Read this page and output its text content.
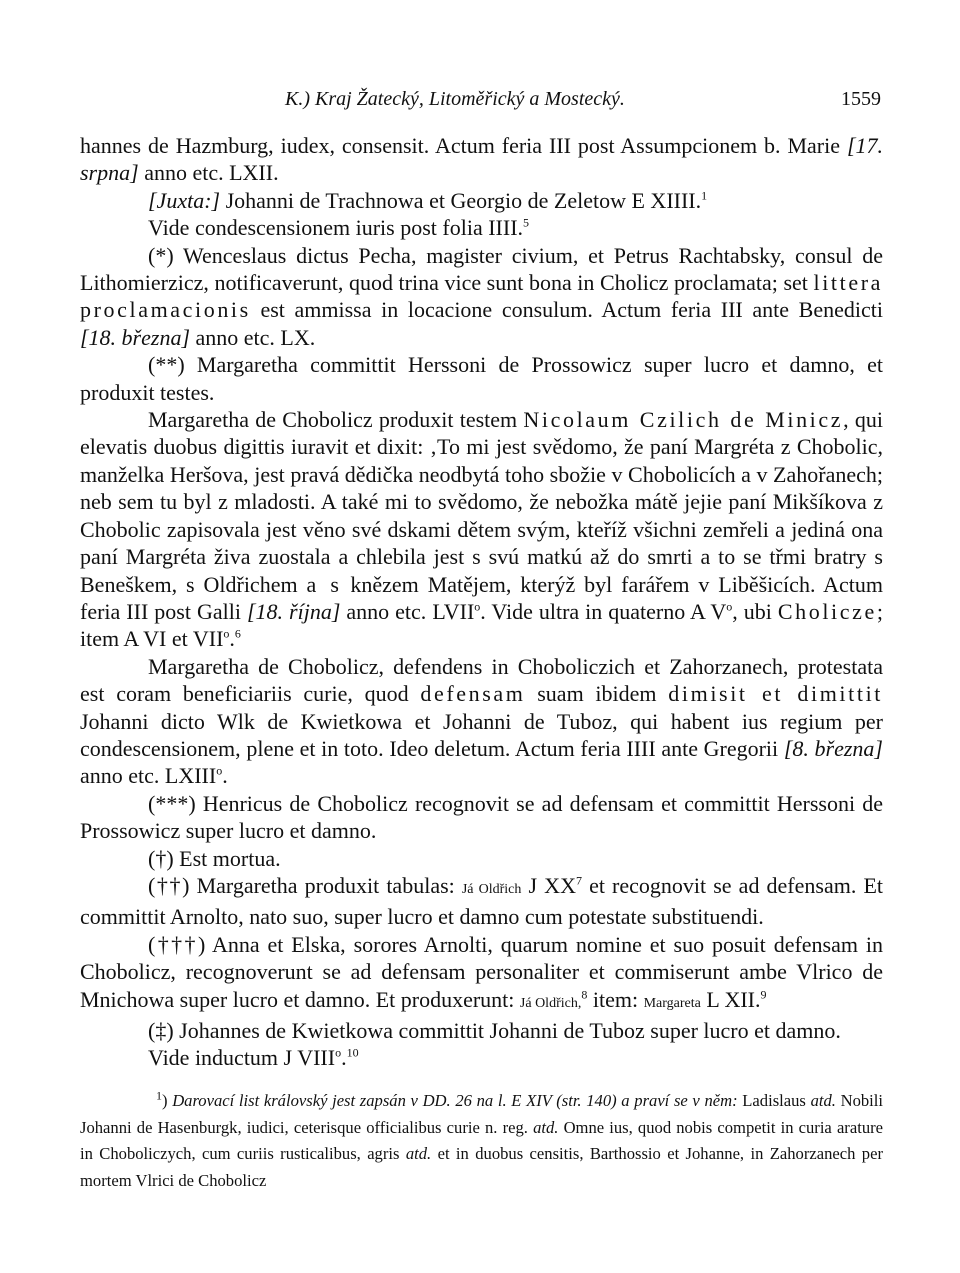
K.) Kraj Žatecký, Litoměřický a Mostecký.	1559

hannes de Hazmburg, iudex, consensit. Actum feria III post Assumpcionem b. Marie [17. srpna] anno etc. LXII.

[Juxta:] Johanni de Trachnowa et Georgio de Zeletow E XIIII.$^1$

Vide condescensionem iuris post folia IIII.$^5$

(*) Wenceslaus dictus Pecha, magister civium, et Petrus Rachtabsky, consul de Lithomierzicz, notificaverunt, quod trina vice sunt bona in Cholicz proclamata; set littera proclamacionis est ammissa in locacione consulum. Actum feria III ante Benedicti [18. března] anno etc. LX.

(**) Margaretha committit Herssoni de Prossowicz super lucro et damno, et produxit testes.

Margaretha de Chobolicz produxit testem Nicolaum Czilich de Minicz, qui elevatis duobus digittis iuravit et dixit: ‚To mi jest svědomo, že paní Margréta z Chobolic, manželka Heršova, jest pravá dědička neodbytá toho sbožie v Chobolicích a v Zahořanech; neb sem tu byl z mladosti. A také mi to svědomo, že nebožka mátě jejie paní Mikšíkova z Chobolic zapisovala jest věno své dskami dětem svým, kteříž všichni zemřeli a jediná ona paní Margréta živa zuostala a chlebila jest s svú matkú až do smrti a to se třmi bratry s Beneškem, s Oldřichem a s knězem Matějem, kterýž byl farářem v Liběšicích. Actum feria III post Galli [18. října] anno etc. LVII$^o$. Vide ultra in quaterno A $V^o$, ubi Cholicze; item A VI et VII$^o$.$^6$

Margaretha de Chobolicz, defendens in Choboliczich et Zahorzanech, protestata est coram beneficiariis curie, quod defensam suam ibidem dimisit et dimittit Johanni dicto Wlk de Kwietkowa et Johanni de Tuboz, qui habent ius regium per condescensionem, plene et in toto. Ideo deletum. Actum feria IIII ante Gregorii [8. března] anno etc. LXIII$^o$.

(***) Henricus de Chobolicz recognovit se ad defensam et committit Herssoni de Prossowicz super lucro et damno.

(†) Est mortua.

(††) Margaretha produxit tabulas: Já Oldřich J $XX^7$ et recognovit se ad defensam. Et committit Arnolto, nato suo, super lucro et damno cum potestate substituendi.

(†††) Anna et Elska, sorores Arnolti, quarum nomine et suo posuit defensam in Chobolicz, recognoverunt se ad defensam personaliter et commiserunt ambe Vlrico de Mnichowa super lucro et damno. Et produxerunt: Já Oldřich,$^8$ item: Margareta L XII.$^9$

(‡) Johannes de Kwietkowa committit Johanni de Tuboz super lucro et damno.

Vide inductum J VIII$^o$.$^{10}$

$^1$) Darovací list královský jest zapsán v DD. 26 na l. E XIV (str. 140) a praví se v něm: Ladislaus atd. Nobili Johanni de Hasenburgk, iudici, ceterisque officialibus curie n. reg. atd. Omne ius, quod nobis competit in curia arature in Choboliczych, cum curiis rusticalibus, agris atd. et in duobus censitis, Barthossio et Johanne, in Zahorzanech per mortem Vlrici de Chobolicz
